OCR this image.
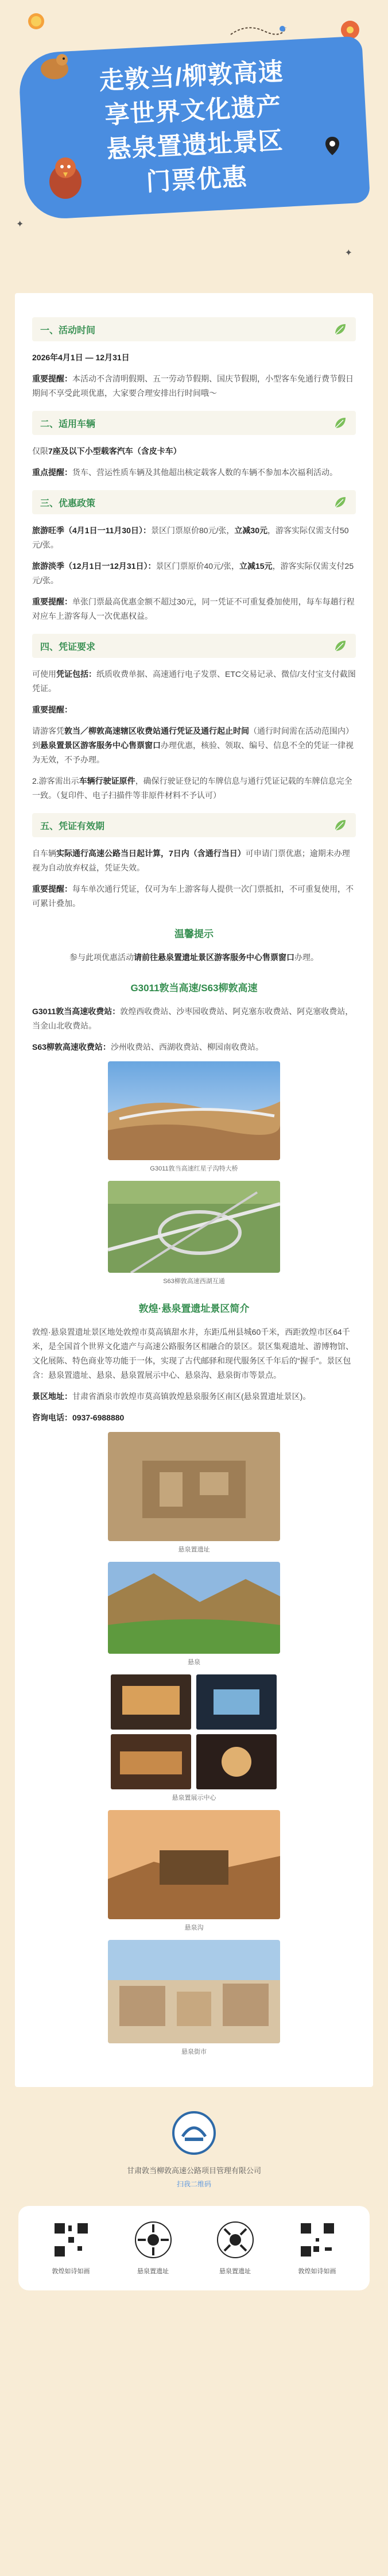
走敦当/柳敦高速
享世界文化遗产
悬泉置遗址景区
门票优惠
✦
✦
一、活动时间

2026年4月1日 — 12月31日

重要提醒：本活动不含清明假期、五一劳动节假期、国庆节假期，小型客车免通行费节假日期间不享受此项优惠，大家要合理安排出行时间哦～

二、适用车辆

仅限7座及以下小型载客汽车（含皮卡车）

重点提醒：货车、营运性质车辆及其他超出核定载客人数的车辆不参加本次福利活动。

三、优惠政策

旅游旺季（4月1日一11月30日）：景区门票原价80元/张，立减30元，游客实际仅需支付50元/张。

旅游淡季（12月1日一12月31日）：景区门票原价40元/张，立减15元，游客实际仅需支付25元/张。

重要提醒：单张门票最高优惠金额不超过30元，同一凭证不可重复叠加使用，每车每趟行程对应车上游客每人一次优惠权益。

四、凭证要求

可使用凭证包括：纸质收费单据、高速通行电子发票、ETC交易记录、微信/支付宝支付截图凭证。

重要提醒：

请游客凭敦当／柳敦高速辖区收费站通行凭证及通行起止时间（通行时间需在活动范围内）到悬泉置景区游客服务中心售票窗口办理优惠，核验、领取、编号、信息不全的凭证一律视为无效，不予办理。

2.游客需出示车辆行驶证原件，确保行驶证登记的车牌信息与通行凭证记载的车牌信息完全一致。（复印件、电子扫描件等非原件材料不予认可）

五、凭证有效期

自车辆实际通行高速公路当日起计算，7日内（含通行当日）可申请门票优惠；逾期未办理视为自动放弃权益，凭证失效。

重要提醒：每车单次通行凭证，仅可为车上游客每人提供一次门票抵扣，不可重复使用，不可累计叠加。

温馨提示

参与此项优惠活动请前往悬泉置遗址景区游客服务中心售票窗口办理。

G3011敦当高速/S63柳敦高速

G3011敦当高速收费站：敦煌西收费站、沙枣园收费站、阿克塞东收费站、阿克塞收费站，当金山北收费站。

S63柳敦高速收费站：沙州收费站、西湖收费站、柳园南收费站。

G3011敦当高速红星子沟特大桥
S63柳敦高速西湖互通
敦煌·悬泉置遗址景区简介

敦煌·悬泉置遗址景区地处敦煌市莫高镇甜水井，东距瓜州县城60千米，西距敦煌市区64千米，是全国首个世界文化遗产与高速公路服务区相融合的景区。景区集观遗址、游博物馆、文化展陈、特色商业等功能于一体，实现了古代邮驿和现代服务区千年后的“握手”。景区包含：悬泉置遗址、悬泉、悬泉置展示中心、悬泉沟、悬泉街市等景点。

景区地址：甘肃省酒泉市敦煌市莫高镇敦煌悬泉服务区南区(悬泉置遗址景区)。

咨询电话：0937-6988880

悬泉置遗址
悬泉
悬泉置展示中心
悬泉沟
悬泉街市
甘肃敦当柳敦高速公路项目管理有限公司
扫我二维码
敦煌如诗如画	悬泉置遗址	悬泉置遗址	敦煌如诗如画
